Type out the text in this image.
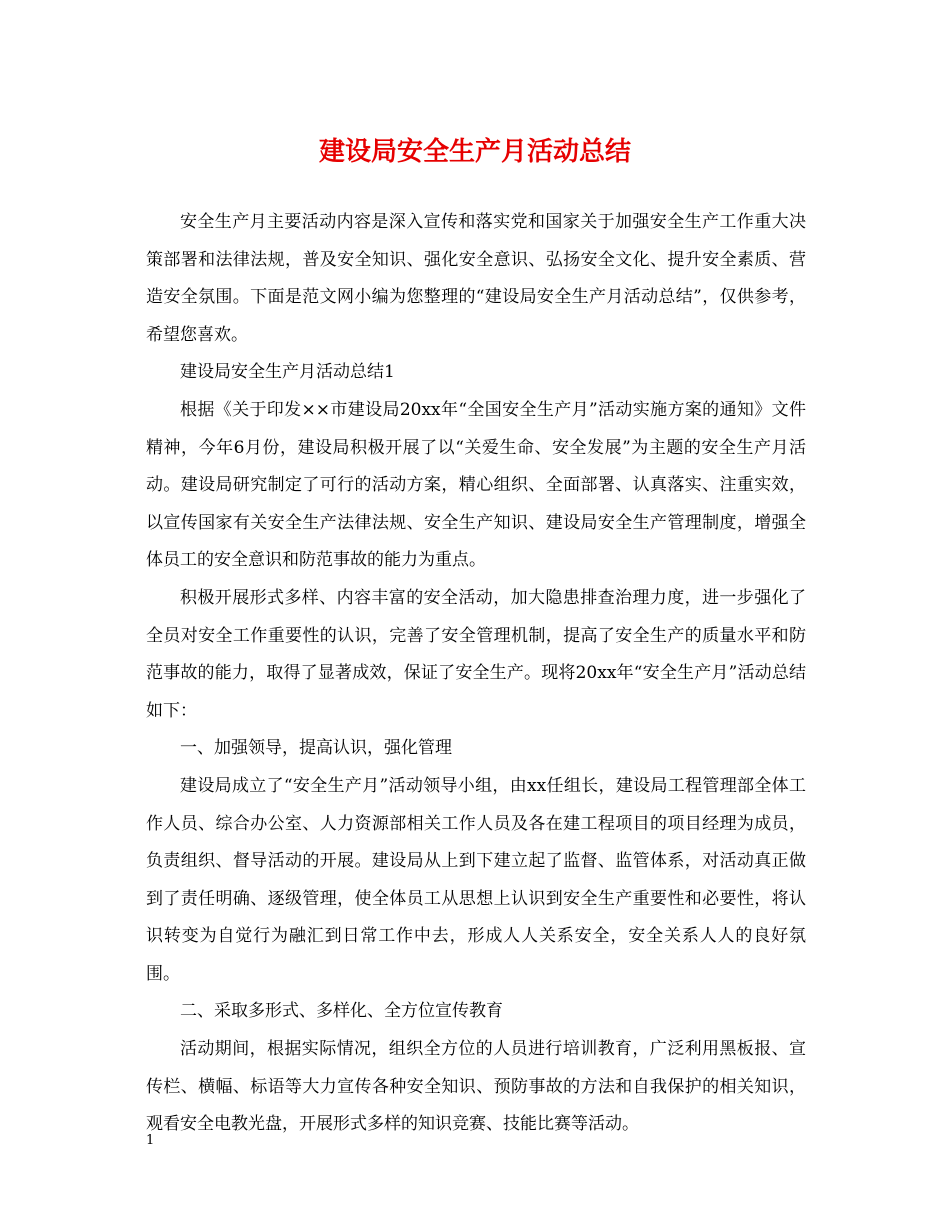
建设局安全生产月活动总结

安全生产月主要活动内容是深入宣传和落实党和国家关于加强安全生产工作重大决策部署和法律法规，普及安全知识、强化安全意识、弘扬安全文化、提升安全素质、营造安全氛围。下面是范文网小编为您整理的“建设局安全生产月活动总结”，仅供参考，希望您喜欢。

建设局安全生产月活动总结1

根据《关于印发××市建设局20xx年“全国安全生产月”活动实施方案的通知》文件精神，今年6月份，建设局积极开展了以“关爱生命、安全发展”为主题的安全生产月活动。建设局研究制定了可行的活动方案，精心组织、全面部署、认真落实、注重实效，以宣传国家有关安全生产法律法规、安全生产知识、建设局安全生产管理制度，增强全体员工的安全意识和防范事故的能力为重点。

积极开展形式多样、内容丰富的安全活动，加大隐患排查治理力度，进一步强化了全员对安全工作重要性的认识，完善了安全管理机制，提高了安全生产的质量水平和防范事故的能力，取得了显著成效，保证了安全生产。现将20xx年“安全生产月”活动总结如下：

一、加强领导，提高认识，强化管理

建设局成立了“安全生产月”活动领导小组，由xx任组长，建设局工程管理部全体工作人员、综合办公室、人力资源部相关工作人员及各在建工程项目的项目经理为成员，负责组织、督导活动的开展。建设局从上到下建立起了监督、监管体系，对活动真正做到了责任明确、逐级管理，使全体员工从思想上认识到安全生产重要性和必要性，将认识转变为自觉行为融汇到日常工作中去，形成人人关系安全，安全关系人人的良好氛围。

二、采取多形式、多样化、全方位宣传教育

活动期间，根据实际情况，组织全方位的人员进行培训教育，广泛利用黑板报、宣传栏、横幅、标语等大力宣传各种安全知识、预防事故的方法和自我保护的相关知识，观看安全电教光盘，开展形式多样的知识竞赛、技能比赛等活动。

1
